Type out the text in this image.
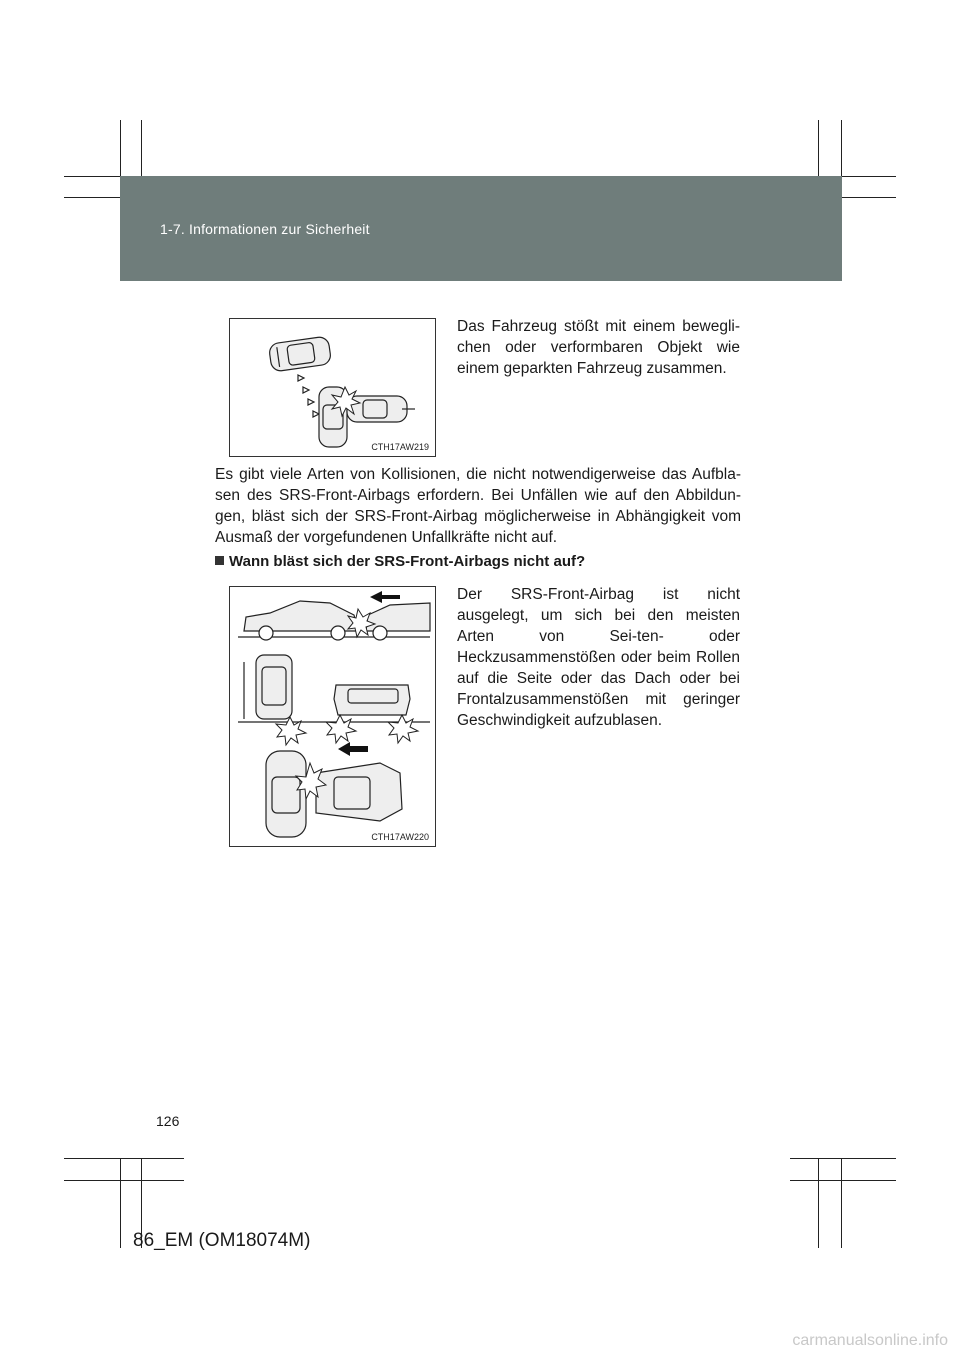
1-7. Informationen zur Sicherheit
CTH17AW219

Das Fahrzeug stößt mit einem bewegli-chen oder verformbaren Objekt wie einem geparkten Fahrzeug zusammen.

Es gibt viele Arten von Kollisionen, die nicht notwendigerweise das Aufbla-sen des SRS-Front-Airbags erfordern. Bei Unfällen wie auf den Abbildun-gen, bläst sich der SRS-Front-Airbag möglicherweise in Abhängigkeit vom Ausmaß der vorgefundenen Unfallkräfte nicht auf.

Wann bläst sich der SRS-Front-Airbags nicht auf?

CTH17AW220

Der SRS-Front-Airbag ist nicht ausgelegt, um sich bei den meisten Arten von Sei-ten- oder Heckzusammenstößen oder beim Rollen auf die Seite oder das Dach oder bei Frontalzusammenstößen mit geringer Geschwindigkeit aufzublasen.

126
86_EM (OM18074M)
carmanualsonline.info
